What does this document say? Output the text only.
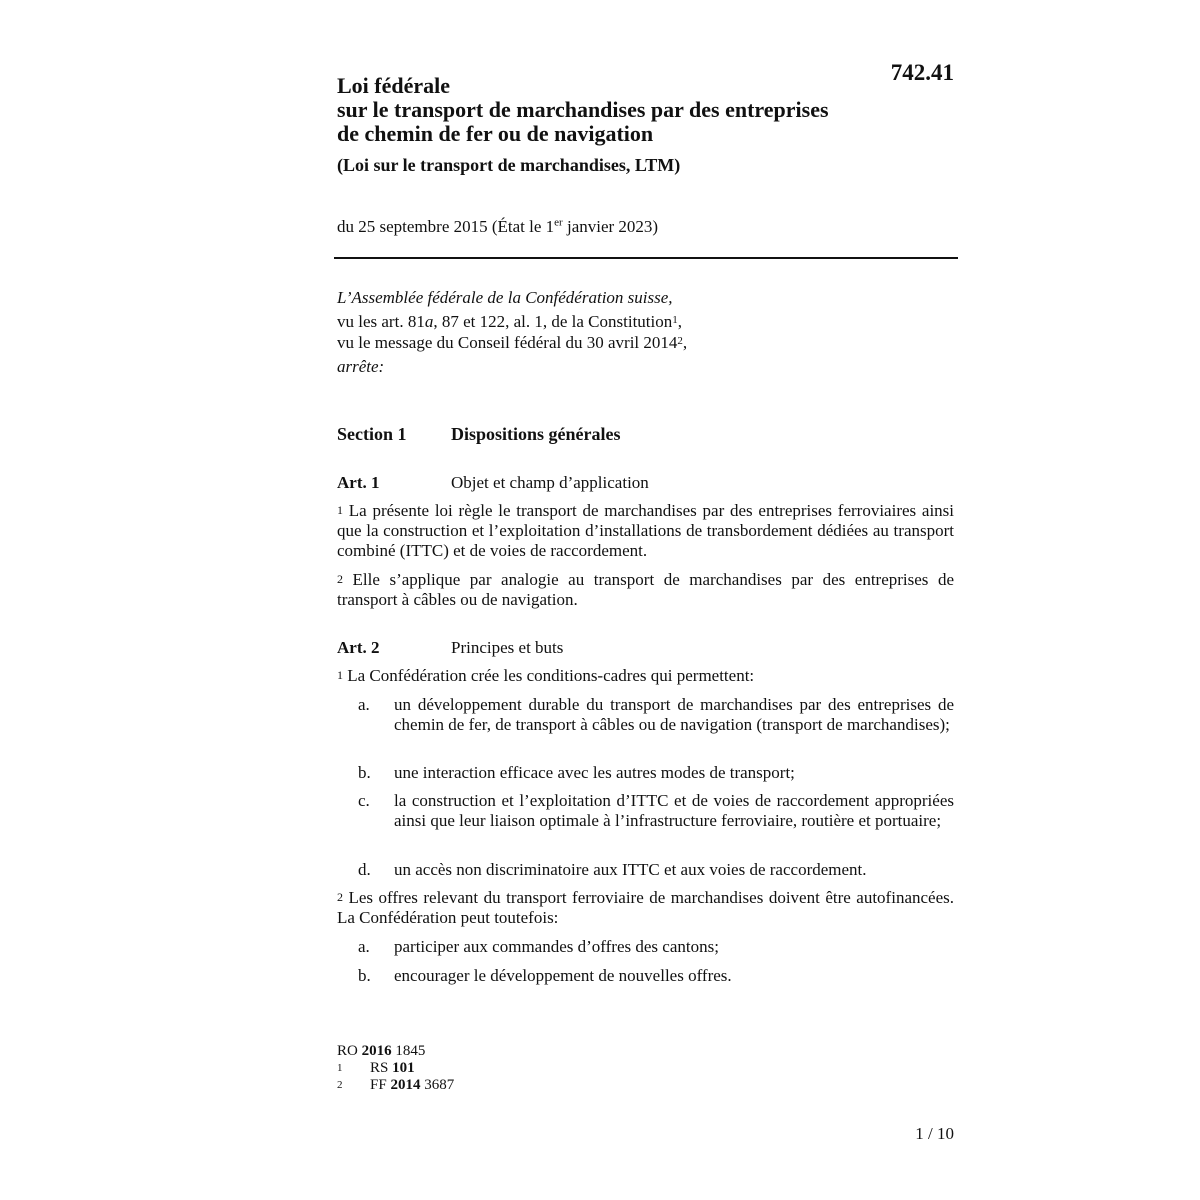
742.41
Loi fédérale
sur le transport de marchandises par des entreprises
de chemin de fer ou de navigation
(Loi sur le transport de marchandises, LTM)
du 25 septembre 2015 (État le 1er janvier 2023)
L’Assemblée fédérale de la Confédération suisse,
vu les art. 81a, 87 et 122, al. 1, de la Constitution$^1$,
vu le message du Conseil fédéral du 30 avril 2014$^2$,
arrête:
Section 1 Dispositions générales
Art. 1	Objet et champ d’application
$^1$ La présente loi règle le transport de marchandises par des entreprises ferroviaires ainsi que la construction et l’exploitation d’installations de transbordement dédiées au transport combiné (ITTC) et de voies de raccordement.
$^2$ Elle s’applique par analogie au transport de marchandises par des entreprises de transport à câbles ou de navigation.
Art. 2	Principes et buts
$^1$ La Confédération crée les conditions-cadres qui permettent:
a. un développement durable du transport de marchandises par des entreprises de chemin de fer, de transport à câbles ou de navigation (transport de marchandises);
b. une interaction efficace avec les autres modes de transport;
c. la construction et l’exploitation d’ITTC et de voies de raccordement appropriées ainsi que leur liaison optimale à l’infrastructure ferroviaire, routière et portuaire;
d. un accès non discriminatoire aux ITTC et aux voies de raccordement.
$^2$ Les offres relevant du transport ferroviaire de marchandises doivent être autofinancées. La Confédération peut toutefois:
a. participer aux commandes d’offres des cantons;
b. encourager le développement de nouvelles offres.
RO 2016 1845
1 RS 101
2 FF 2014 3687
1 / 10
